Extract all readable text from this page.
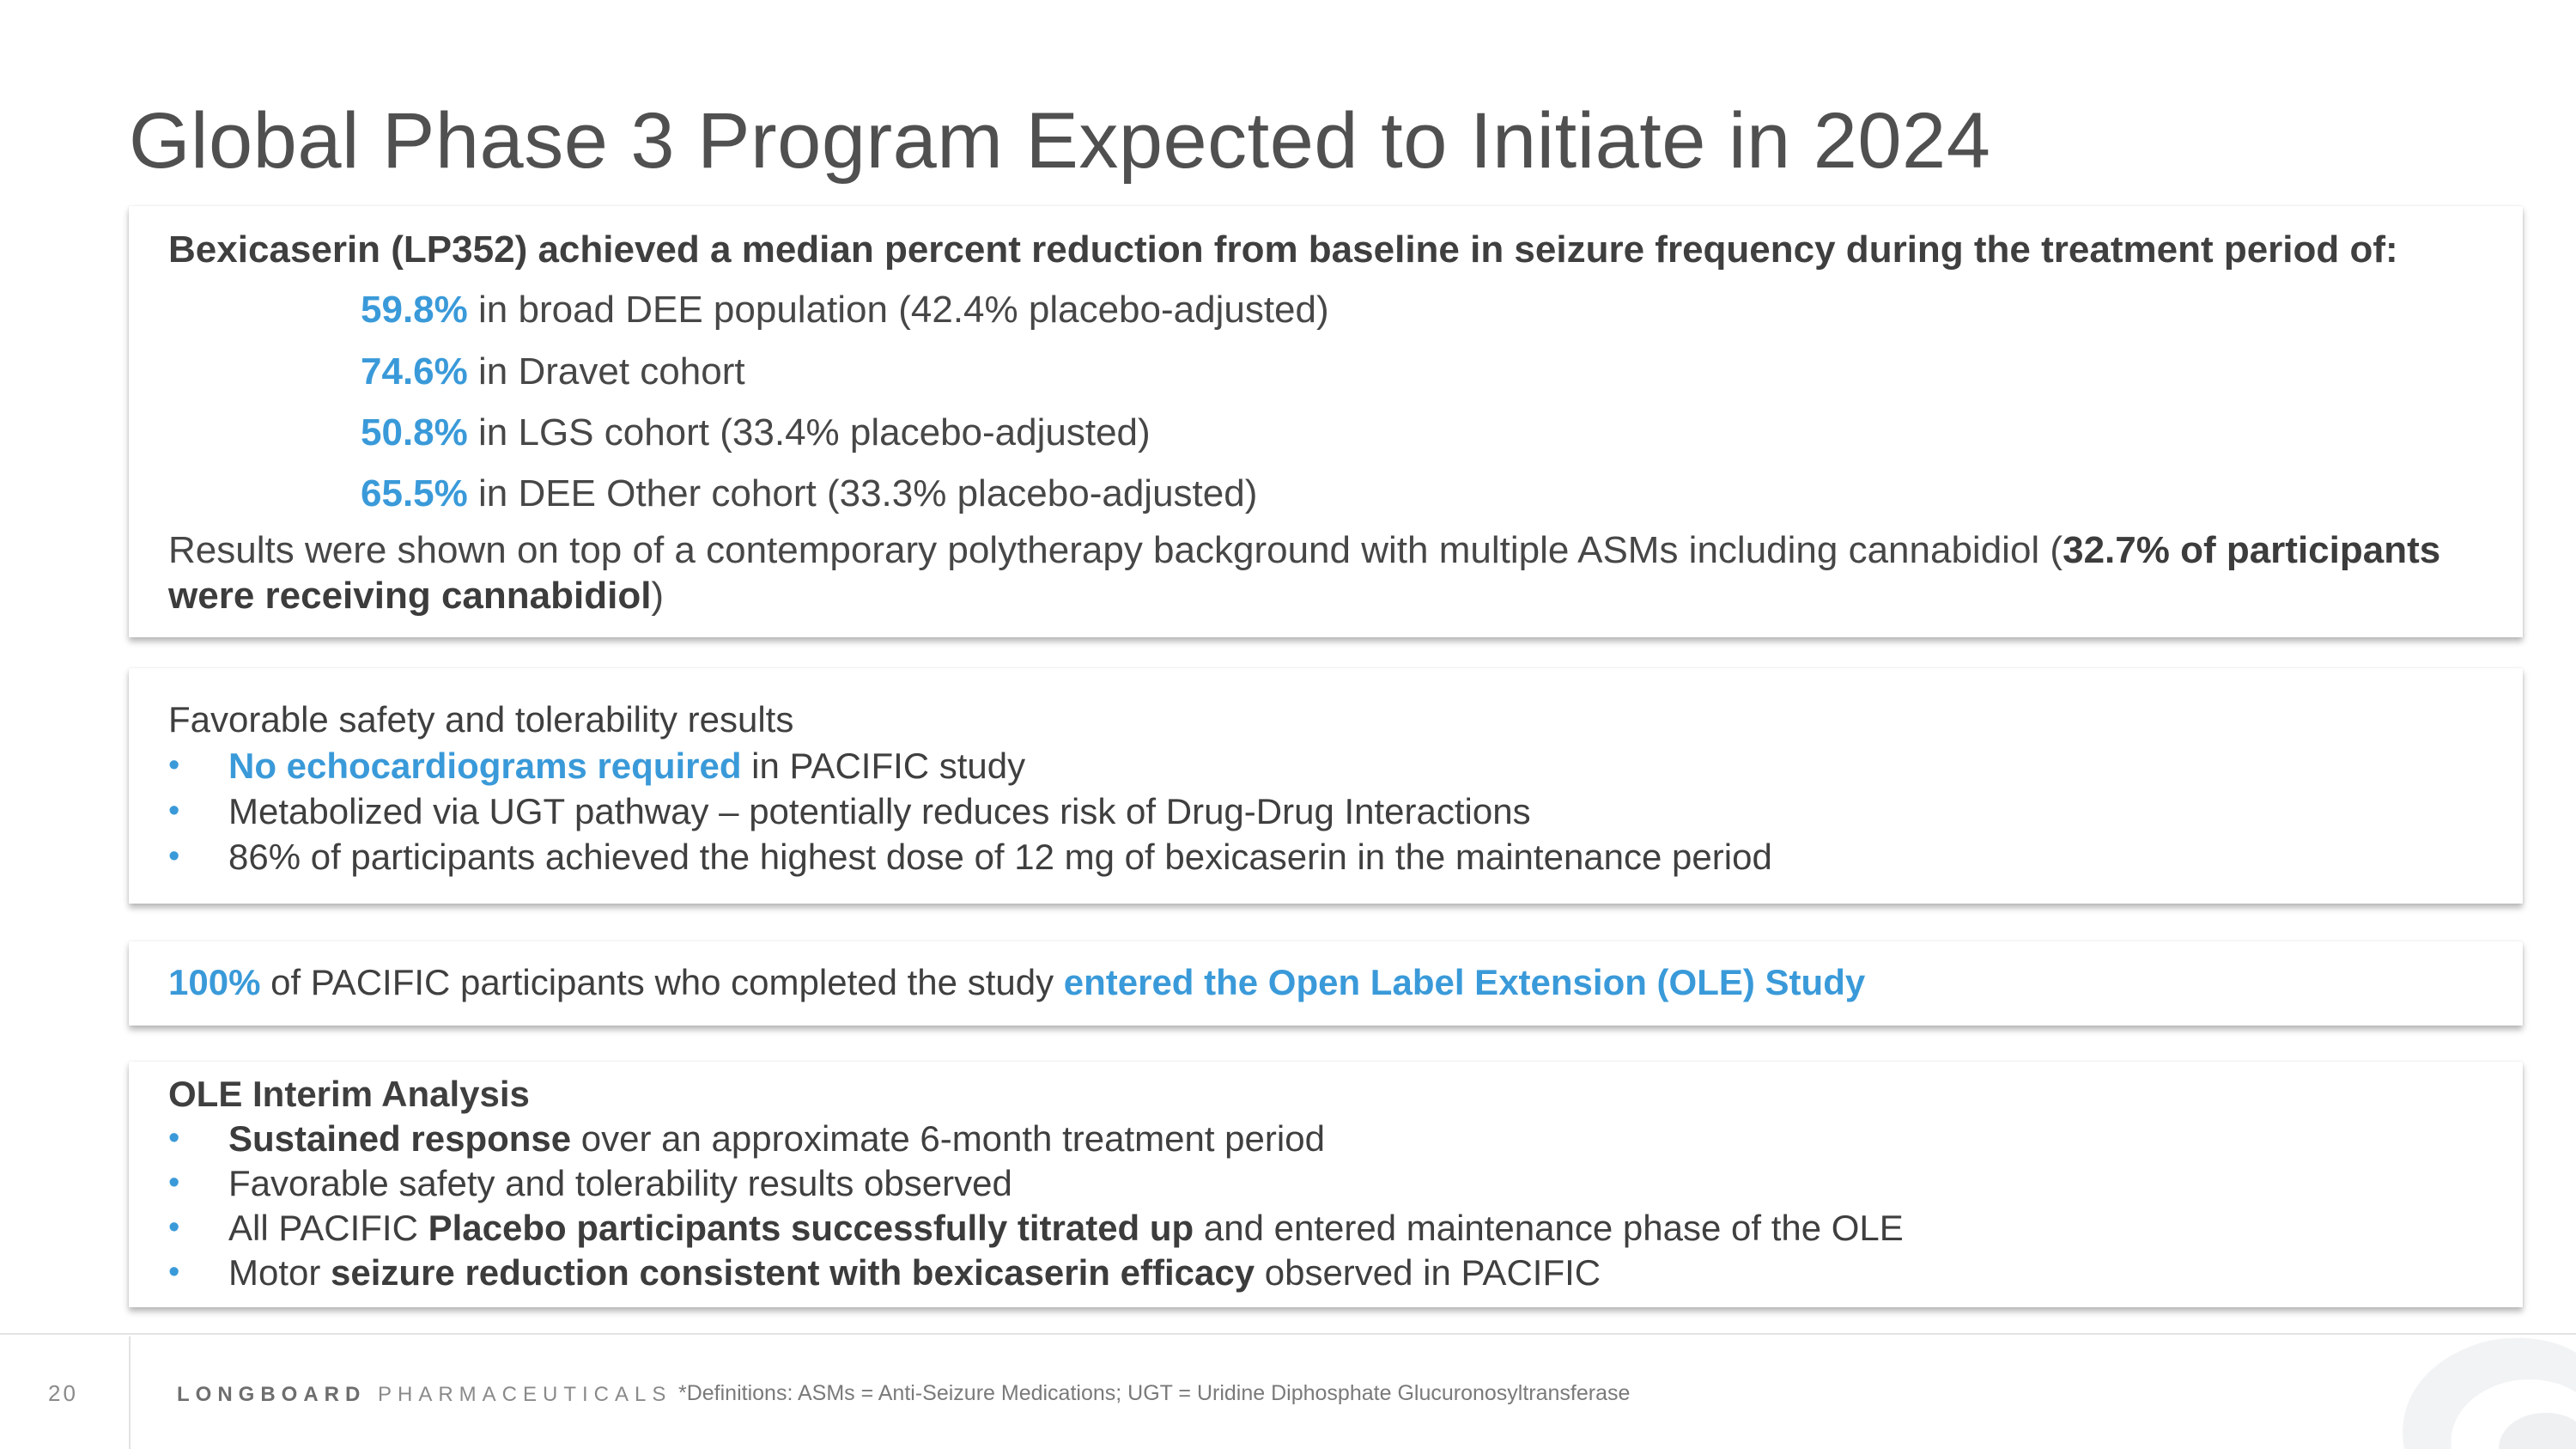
Global Phase 3 Program Expected to Initiate in 2024
Bexicaserin (LP352) achieved a median percent reduction from baseline in seizure frequency during the treatment period of:
59.8% in broad DEE population (42.4% placebo-adjusted)
74.6% in Dravet cohort
50.8% in LGS cohort (33.4% placebo-adjusted)
65.5% in DEE Other cohort (33.3% placebo-adjusted)
Results were shown on top of a contemporary polytherapy background with multiple ASMs including cannabidiol (32.7% of participants were receiving cannabidiol)
Favorable safety and tolerability results
• No echocardiograms required in PACIFIC study
• Metabolized via UGT pathway – potentially reduces risk of Drug-Drug Interactions
• 86% of participants achieved the highest dose of 12 mg of bexicaserin in the maintenance period
100% of PACIFIC participants who completed the study entered the Open Label Extension (OLE) Study
OLE Interim Analysis
• Sustained response over an approximate 6-month treatment period
• Favorable safety and tolerability results observed
• All PACIFIC Placebo participants successfully titrated up and entered maintenance phase of the OLE
• Motor seizure reduction consistent with bexicaserin efficacy observed in PACIFIC
20	LONGBOARD PHARMACEUTICALS *Definitions: ASMs = Anti-Seizure Medications; UGT = Uridine Diphosphate Glucuronosyltransferase
